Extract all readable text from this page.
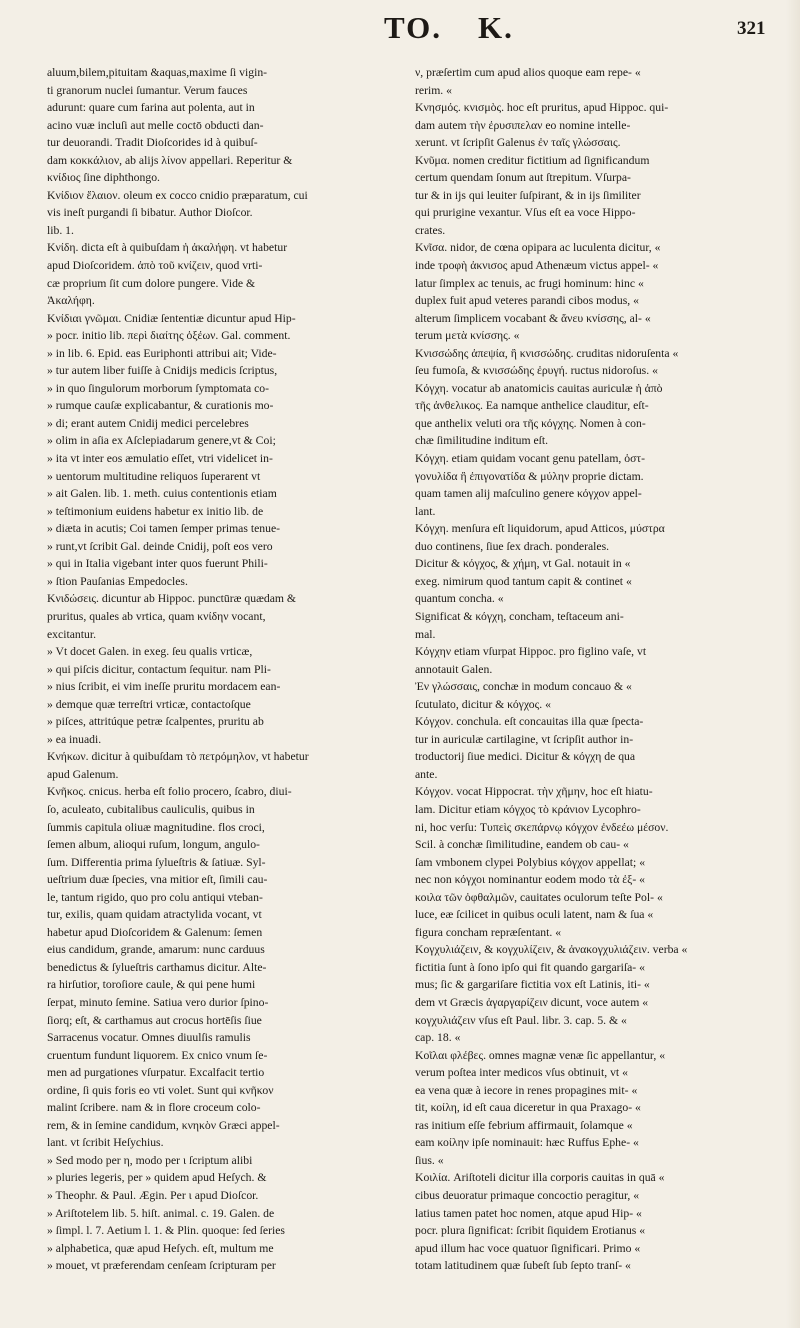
TO. K.	321
aluum,bilem,pituitam &aquas,maxime ſi vigin-
ti granorum nuclei ſumantur. Verum fauces
adurunt: quare cum farina aut polenta, aut in
acino vuæ incluſi aut melle coctō obducti dan-
tur deuorandi. Tradit Dioſcorides id à quibuſ-
dam κοκκάλιον, ab alijs λίνον appellari. Reperitur &
κνίδιος ſine diphthongo.
Κνίδιον ἔλαιον. oleum ex cocco cnidio præparatum, cui
vis ineſt purgandi ſi bibatur. Author Dioſcor.
lib. 1.
Κνίδη. dicta eſt à quibuſdam ἡ ἀκαλήφη. vt habetur
apud Dioſcoridem. ἀπὸ τοῦ κνίζειν, quod vrti-
cæ proprium ſit cum dolore pungere. Vide &
Ἀκαλήφη.
Κνίδιαι γνῶμαι. Cnidiæ ſententiæ dicuntur apud Hip-
» pocr. initio lib. περὶ διαίτης ὀξέων. Gal. comment.
» in lib. 6. Epid. eas Euriphonti attribui ait; Vide-
» tur autem liber fuiſſe à Cnidijs medicis ſcriptus,
» in quo ſingulorum morborum ſymptomata co-
» rumque cauſæ explicabantur, & curationis mo-
» di; erant autem Cnidij medici percelebres
» olim in aſia ex Aſclepiadarum genere,vt & Coi;
» ita vt inter eos æmulatio eſſet, vtri videlicet in-
» uentorum multitudine reliquos ſuperarent vt
» ait Galen. lib. 1. meth. cuius contentionis etiam
» teſtimonium euidens habetur ex initio lib. de
» diæta in acutis; Coi tamen ſemper primas tenue-
» runt,vt ſcribit Gal. deinde Cnidij, poſt eos vero
» qui in Italia vigebant inter quos fuerunt Phili-
» ſtion Pauſanias Empedocles.
Κνιδώσεις. dicuntur ab Hippoc. punctūræ quædam &
pruritus, quales ab vrtica, quam κνίδην vocant,
excitantur.
» Vt docet Galen. in exeg. ſeu qualis vrticæ,
» qui piſcis dicitur, contactum ſequitur. nam Pli-
» nius ſcribit, ei vim ineſſe pruritu mordacem ean-
» demque quæ terreſtri vrticæ, contactoſque
» piſces, attritúque petræ ſcalpentes, pruritu ab
» ea inuadi.
Κνήκων. dicitur à quibuſdam τὸ πετρόμηλον, vt habetur
apud Galenum.
Κνῆκος. cnicus. herba eſt folio procero, ſcabro, diui-
ſo, aculeato, cubitalibus cauliculis, quibus in
ſummis capitula oliuæ magnitudine. flos croci,
ſemen album, alioqui ruſum, longum, angulo-
ſum. Differentia prima ſylueſtris & ſatiuæ. Syl-
ueſtrium duæ ſpecies, vna mitior eſt, ſimili cau-
le, tantum rigido, quo pro colu antiqui vteban-
tur, exilis, quam quidam atractylida vocant, vt
habetur apud Dioſcoridem & Galenum: ſemen
eius candidum, grande, amarum: nunc carduus
benedictus & ſylueſtris carthamus dicitur. Alte-
ra hirſutior, toroſiore caule, & qui pene humi
ſerpat, minuto ſemine. Satiua vero durior ſpino-
ſiorq; eſt, & carthamus aut crocus hortēſis ſiue
Sarracenus vocatur. Omnes diuulſis ramulis
cruentum fundunt liquorem. Ex cnico vnum ſe-
men ad purgationes vſurpatur. Excalfacit tertio
ordine, ſi quis foris eo vti volet. Sunt qui κνῆκον
malint ſcribere. nam & in flore croceum colo-
rem, & in ſemine candidum, κνηκὸν Græci appel-
lant. vt ſcribit Heſychius.
» Sed modo per η, modo per ι ſcriptum alibi
» pluries legeris, per » quidem apud Heſych. &
» Theophr. & Paul. Ægin. Per ι apud Dioſcor.
» Ariſtotelem lib. 5. hiſt. animal. c. 19. Galen. de
» ſimpl. l. 7. Aetium l. 1. & Plin. quoque: ſed ſeries
» alphabetica, quæ apud Heſych. eſt, multum me
» mouet, vt præferendam cenſeam ſcripturam per
ν, præſertim cum apud alios quoque eam repe- «
rerim. «
Κνησμός. κνισμὸς. hoc eſt pruritus, apud Hippoc. qui-
dam autem τὴν ἐρυσιπελαν eo nomine intelle-
xerunt. vt ſcripſit Galenus ἐν ταῖς γλώσσαις.
Κνῦμα. nomen creditur fictitium ad ſignificandum
certum quendam ſonum aut ſtrepitum. Vſurpa-
tur & in ijs qui leuiter ſuſpirant, & in ijs ſimiliter
qui prurigine vexantur. Vſus eſt ea voce Hippo-
crates.
Κνῖσα. nidor, de cœna opipara ac luculenta dicitur, «
inde τροφὴ ἀκνισος apud Athenæum victus appel- «
latur ſimplex ac tenuis, ac frugi hominum: hinc «
duplex fuit apud veteres parandi cibos modus, «
alterum ſimplicem vocabant & ἄνευ κνίσσης, al- «
terum μετὰ κνίσσης. «
Κνισσώδης ἀπεψία, ἢ κνισσώδης. cruditas nidoruſenta «
ſeu fumoſa, & κνισσώδης ἐρυγή. ructus nidoroſus. «
Κόγχη. vocatur ab anatomicis cauitas auriculæ ἡ ἀπὸ
τῆς ἀνθελικος. Ea namque anthelice clauditur, eſt-
que anthelix veluti ora τῆς κόγχης. Nomen à con-
chæ ſimilitudine inditum eſt.
Κόγχη. etiam quidam vocant genu patellam, ὀστ-
γονυλίδα ἢ ἐπιγονατίδα & μύλην proprie dictam.
quam tamen alij maſculino genere κόγχον appel-
lant.
Κόγχη. menſura eſt liquidorum, apud Atticos, μύστρα
duo continens, ſiue ſex drach. ponderales.
Dicitur & κόγχος, & χήμη, vt Gal. notauit in «
exeg. nimirum quod tantum capit & continet «
quantum concha. «
Significat & κόγχη, concham, teſtaceum ani-
mal.
Κόγχην etiam vſurpat Hippoc. pro figlino vaſe, vt
annotauit Galen.
Ἐν γλώσσαις, conchæ in modum concauo & «
ſcutulato, dicitur & κόγχος. «
Κόγχον. conchula. eſt concauitas illa quæ ſpecta-
tur in auriculæ cartilagine, vt ſcripſit author in-
troductorij ſiue medici. Dicitur & κόγχη de qua
ante.
Κόγχον. vocat Hippocrat. τὴν χῆμην, hoc eſt hiatu-
lam. Dicitur etiam κόγχος τὸ κράνιον Lycophro-
ni, hoc verſu: Τυπεὶς σκεπάρνῳ κόγχον ἐνδεέω μέσον.
Scil. à conchæ ſimilitudine, eandem ob cau- «
ſam vmbonem clypei Polybius κόγχον appellat; «
nec non κόγχοι nominantur eodem modo τὰ ἐξ- «
κοιλα τῶν ὀφθαλμῶν, cauitates oculorum teſte Pol- «
luce, eæ ſcilicet in quibus oculi latent, nam & ſua «
figura concham repræſentant. «
Κογχυλιάζειν, & κογχυλίζειν, & ἀνακογχυλιάζειν. verba «
fictitia ſunt à ſono ipſo qui fit quando gargariſa- «
mus; ſic & gargariſare fictitia vox eſt Latinis, iti- «
dem vt Græcis ἀγαργαρίζειν dicunt, voce autem «
κογχυλιάζειν vſus eſt Paul. libr. 3. cap. 5. & «
cap. 18. «
Κοῖλαι φλέβες. omnes magnæ venæ ſic appellantur, «
verum poſtea inter medicos vſus obtinuit, vt «
ea vena quæ à iecore in renes propagines mit- «
tit, κοίλη, id eſt caua diceretur in qua Praxago- «
ras initium eſſe febrium affirmauit, ſolamque «
eam κοίλην ipſe nominauit: hæc Ruffus Ephe- «
ſius. «
Κοιλία. Ariſtoteli dicitur illa corporis cauitas in quā «
cibus deuoratur primaque concoctio peragitur, «
latius tamen patet hoc nomen, atque apud Hip- «
pocr. plura ſignificat: ſcribit ſiquidem Erotianus «
apud illum hac voce quatuor ſignificari. Primo «
totam latitudinem quæ ſubeſt ſub ſepto tranſ- «
